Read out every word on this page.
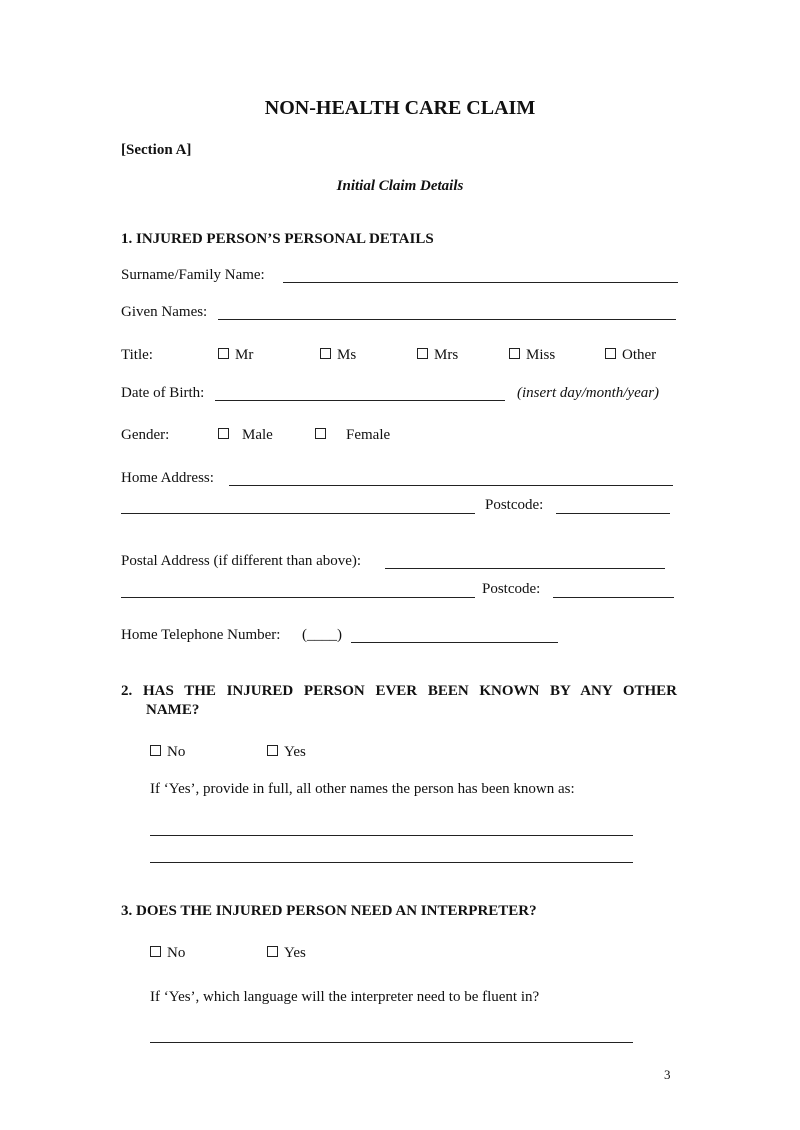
NON-HEALTH CARE CLAIM
[Section A]
Initial Claim Details
1. INJURED PERSON’S PERSONAL DETAILS
Surname/Family Name:
Given Names:
Title:	Mr	Ms	Mrs	Miss	Other
Date of Birth:	(insert day/month/year)
Gender:	Male	Female
Home Address:
Postcode:
Postal Address (if different than above):
Postcode:
Home Telephone Number: (____)
2. HAS THE INJURED PERSON EVER BEEN KNOWN BY ANY OTHER
NAME?
No	Yes
If ‘Yes’, provide in full, all other names the person has been known as:
3. DOES THE INJURED PERSON NEED AN INTERPRETER?
No	Yes
If ‘Yes’, which language will the interpreter need to be fluent in?
3
